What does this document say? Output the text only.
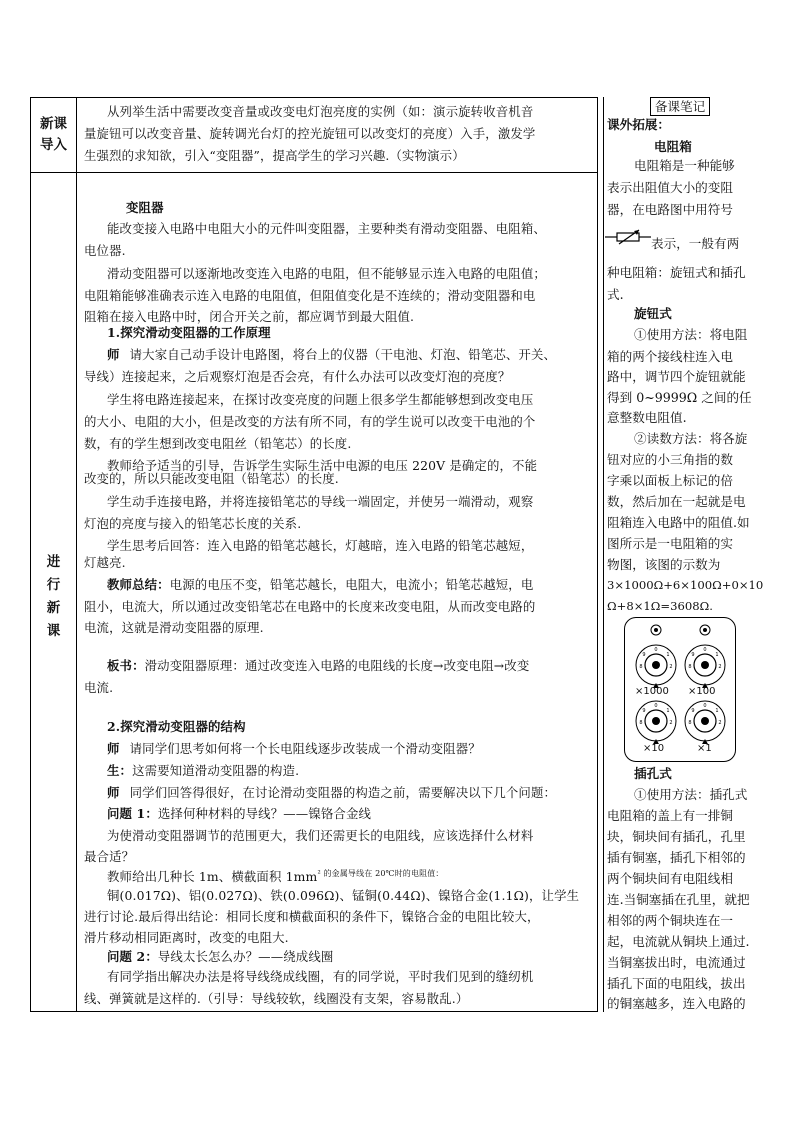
新课
导入
从列举生活中需要改变音量或改变电灯泡亮度的实例（如：演示旋转收音机音
量旋钮可以改变音量、旋转调光台灯的控光旋钮可以改变灯的亮度）入手，激发学
生强烈的求知欲，引入“变阻器”，提高学生的学习兴趣.（实物演示）
进
行
新
课
变阻器
能改变接入电路中电阻大小的元件叫变阻器，主要种类有滑动变阻器、电阻箱、
电位器.
滑动变阻器可以逐渐地改变连入电路的电阻，但不能够显示连入电路的电阻值；
电阻箱能够准确表示连入电路的电阻值，但阻值变化是不连续的；滑动变阻器和电
阻箱在接入电路中时，闭合开关之前，都应调节到最大阻值.
1.探究滑动变阻器的工作原理
师 请大家自己动手设计电路图，将台上的仪器（干电池、灯泡、铅笔芯、开关、
导线）连接起来，之后观察灯泡是否会亮，有什么办法可以改变灯泡的亮度？
学生将电路连接起来，在探讨改变亮度的问题上很多学生都能够想到改变电压
的大小、电阻的大小，但是改变的方法有所不同，有的学生说可以改变干电池的个
数，有的学生想到改变电阻丝（铅笔芯）的长度.
教师给予适当的引导，告诉学生实际生活中电源的电压 220V 是确定的，不能
改变的，所以只能改变电阻（铅笔芯）的长度.
学生动手连接电路，并将连接铅笔芯的导线一端固定，并使另一端滑动，观察
灯泡的亮度与接入的铅笔芯长度的关系.
学生思考后回答：连入电路的铅笔芯越长，灯越暗，连入电路的铅笔芯越短，
灯越亮.
教师总结：电源的电压不变，铅笔芯越长，电阻大，电流小；铅笔芯越短，电
阻小，电流大，所以通过改变铅笔芯在电路中的长度来改变电阻，从而改变电路的
电流，这就是滑动变阻器的原理.
板书：滑动变阻器原理：通过改变连入电路的电阻线的长度→改变电阻→改变
电流.
2.探究滑动变阻器的结构
师 请同学们思考如何将一个长电阻线逐步改装成一个滑动变阻器？
生：这需要知道滑动变阻器的构造.
师 同学们回答得很好，在讨论滑动变阻器的构造之前，需要解决以下几个问题：
问题 1：选择何种材料的导线？——镍铬合金线
为使滑动变阻器调节的范围更大，我们还需更长的电阻线，应该选择什么材料
最合适？
教师给出几种长 1m、横截面积 $1mm^{^2 的金属导线在 20℃时的电阻值:}$
铜(0.017Ω)、铝(0.027Ω)、铁(0.096Ω)、锰铜(0.44Ω)、镍铬合金(1.1Ω)，让学生
进行讨论.最后得出结论：相同长度和横截面积的条件下，镍铬合金的电阻比较大，
滑片移动相同距离时，改变的电阻大.
问题 2：导线太长怎么办？——绕成线圈
有同学指出解决办法是将导线绕成线圈，有的同学说，平时我们见到的缝纫机
线、弹簧就是这样的.（引导：导线较软，线圈没有支架，容易散乱.）
备课笔记
课外拓展：
电阻箱
电阻箱是一种能够
表示出阻值大小的变阻
器，在电路图中用符号
表示，一般有两
种电阻箱：旋钮式和插孔
式.
旋钮式
①使用方法：将电阻
箱的两个接线柱连入电
路中，调节四个旋钮就能
得到 0~9999Ω 之间的任
意整数电阻值.
②读数方法：将各旋
钮对应的小三角指的数
字乘以面板上标记的倍
数，然后加在一起就是电
阻箱连入电路中的阻值.如
图所示是一电阻箱的实
物图，该图的示数为
3×1000Ω+6×100Ω+0×10
Ω+8×1Ω=3608Ω.
0
1
2
8
9
0
1
2
8
9
0
1
2
8
9
0
1
2
8
9
×1000 ×100
×10	×1
插孔式
①使用方法：插孔式
电阻箱的盖上有一排铜
块，铜块间有插孔，孔里
插有铜塞，插孔下相邻的
两个铜块间有电阻线相
连.当铜塞插在孔里，就把
相邻的两个铜块连在一
起，电流就从铜块上通过.
当铜塞拔出时，电流通过
插孔下面的电阻线，拔出
的铜塞越多，连入电路的
